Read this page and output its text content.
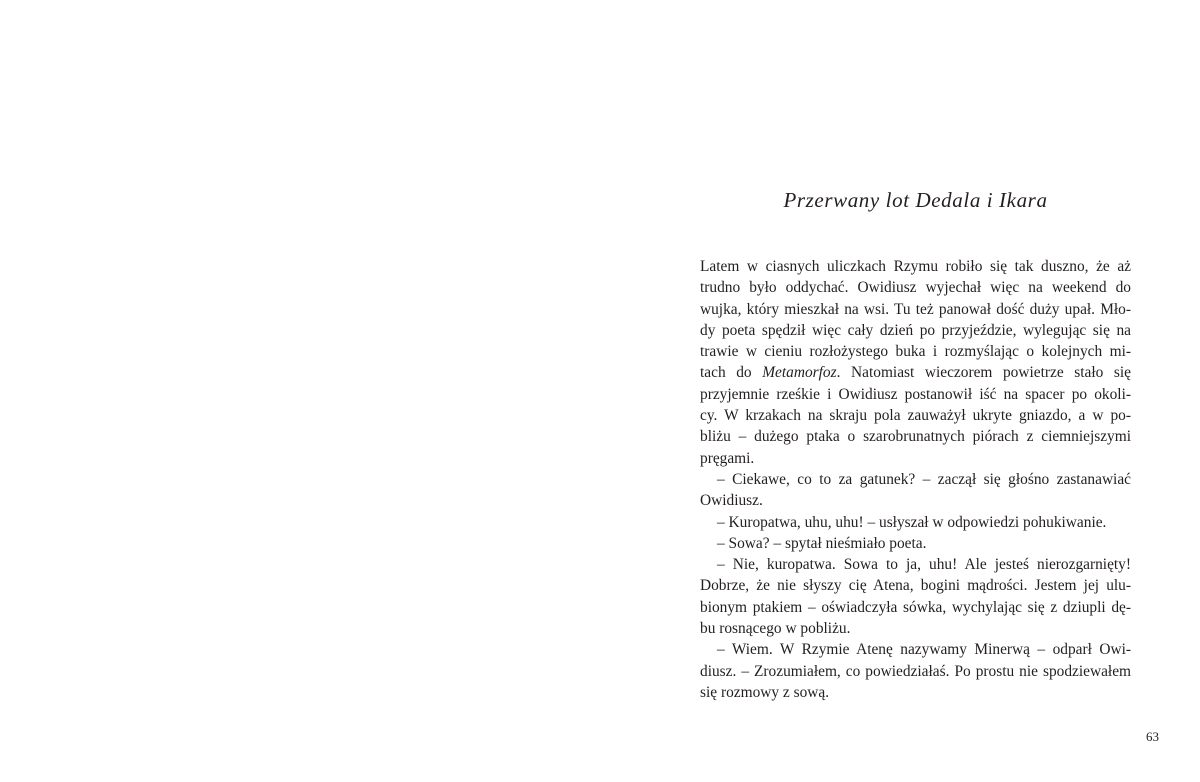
Przerwany lot Dedala i Ikara
Latem w ciasnych uliczkach Rzymu robiło się tak duszno, że aż
trudno było oddychać. Owidiusz wyjechał więc na weekend do
wujka, który mieszkał na wsi. Tu też panował dość duży upał. Mło-
dy poeta spędził więc cały dzień po przyjeździe, wylegując się na
trawie w cieniu rozłożystego buka i rozmyślając o kolejnych mi-
tach do Metamorfoz. Natomiast wieczorem powietrze stało się
przyjemnie rześkie i Owidiusz postanowił iść na spacer po okoli-
cy. W krzakach na skraju pola zauważył ukryte gniazdo, a w po-
bliżu – dużego ptaka o szarobrunatnych piórach z ciemniejszymi
pręgami.
– Ciekawe, co to za gatunek? – zaczął się głośno zastanawiać
Owidiusz.
– Kuropatwa, uhu, uhu! – usłyszał w odpowiedzi pohukiwanie.
– Sowa? – spytał nieśmiało poeta.
– Nie, kuropatwa. Sowa to ja, uhu! Ale jesteś nierozgarnięty!
Dobrze, że nie słyszy cię Atena, bogini mądrości. Jestem jej ulu-
bionym ptakiem – oświadczyła sówka, wychylając się z dziupli dę-
bu rosnącego w pobliżu.
– Wiem. W Rzymie Atenę nazywamy Minerwą – odparł Owi-
diusz. – Zrozumiałem, co powiedziałaś. Po prostu nie spodziewałem
się rozmowy z sową.
63
